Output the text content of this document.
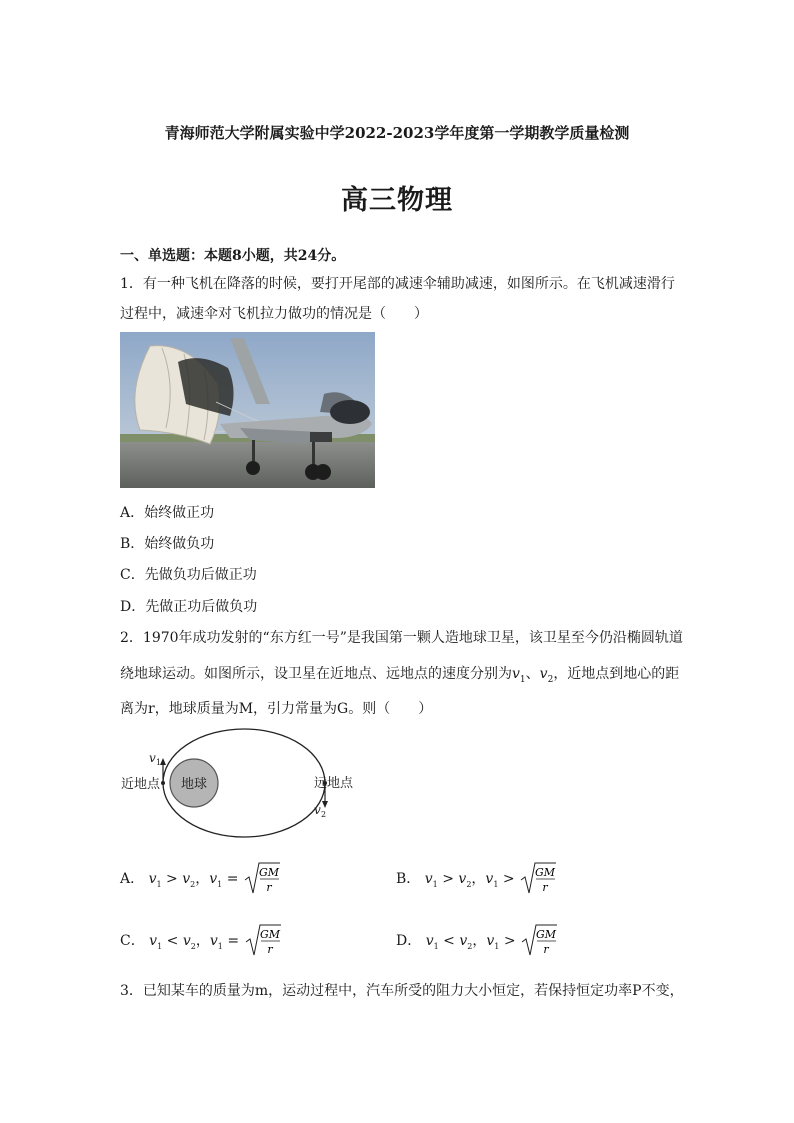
青海师范大学附属实验中学2022-2023学年度第一学期教学质量检测
高三物理
一、单选题：本题8小题，共24分。
1．有一种飞机在降落的时候，要打开尾部的减速伞辅助减速，如图所示。在飞机减速滑行
过程中，减速伞对飞机拉力做功的情况是（　　）
A．始终做正功
B．始终做负功
C．先做负功后做正功
D．先做正功后做负功
2．1970年成功发射的“东方红一号”是我国第一颗人造地球卫星，该卫星至今仍沿椭圆轨道
绕地球运动。如图所示，设卫星在近地点、远地点的速度分别为$v_1$、$v_2$，近地点到地心的距
离为r，地球质量为M，引力常量为G。则（　　）
地球
近地点	远地点
v 1
v 2
A． $v_1 > v_2$，$v_1$ = GM
r
B． $v_1 > v_2$，$v_1$ > GM
r
C． $v_1 < v_2$，$v_1$ = GM
r
D． $v_1 < v_2$，$v_1$ > GM
r
3．已知某车的质量为m，运动过程中，汽车所受的阻力大小恒定，若保持恒定功率P不变，
